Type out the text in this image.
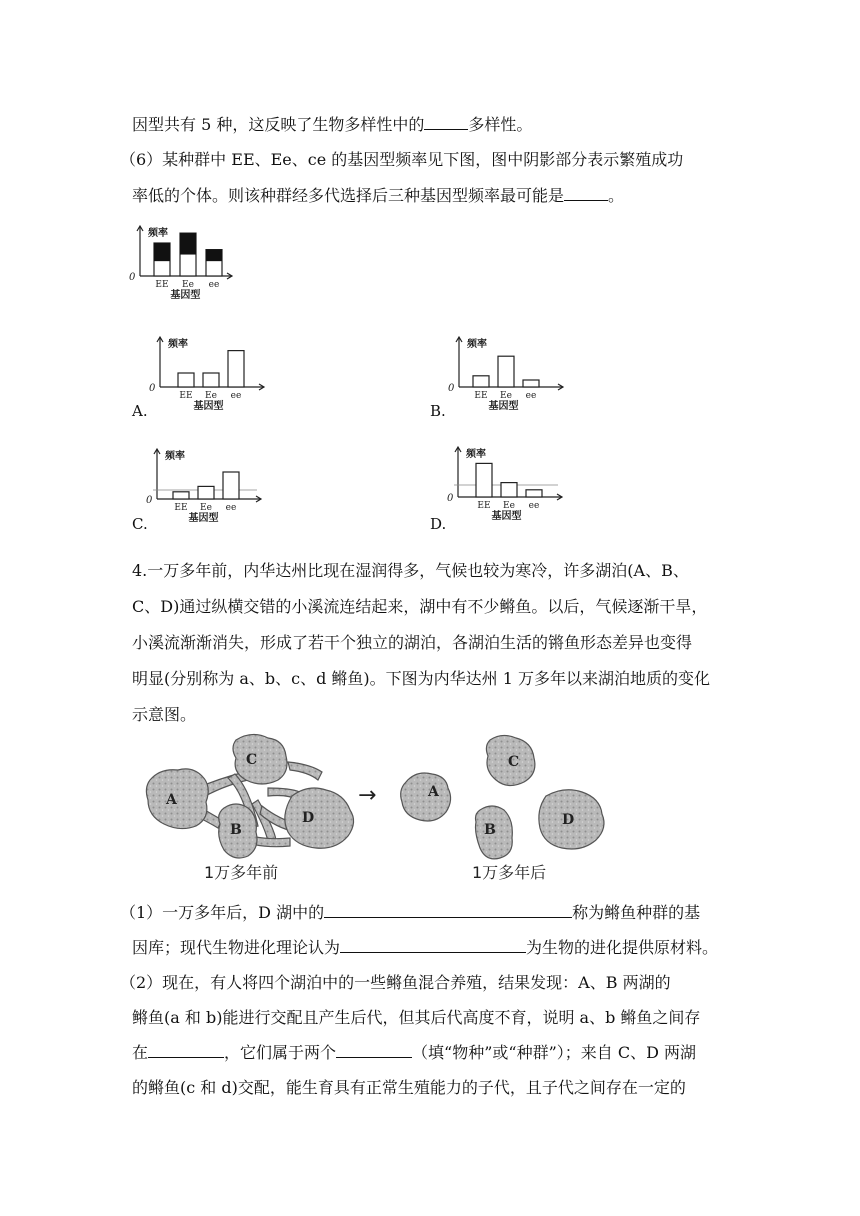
因型共有 5 种，这反映了生物多样性中的	多样性。
（6）某种群中 EE、Ee、ce 的基因型频率见下图，图中阴影部分表示繁殖成功
率低的个体。则该种群经多代选择后三种基因型频率最可能是	。
频率
0
EE Ee ee
基因型
频率
0
EE Ee ee
基因型
A.
频率
0
EE Ee ee
基因型
B.
频率
0
EE Ee ee
基因型
C.
频率
0
EE Ee ee
基因型
D.
4.一万多年前，内华达州比现在湿润得多，气候也较为寒冷，许多湖泊(A、B、
C、D)通过纵横交错的小溪流连结起来，湖中有不少鳉鱼。以后，气候逐渐干旱，
小溪流渐渐消失，形成了若干个独立的湖泊，各湖泊生活的锵鱼形态差异也变得
明显(分别称为 a、b、c、d 鳉鱼)。下图为内华达州 1 万多年以来湖泊地质的变化
示意图。
A
C
B
D
A
C
B
D
→
1万多年前	1万多年后
（1）一万多年后，D 湖中的	称为鳉鱼种群的基
因库；现代生物进化理论认为	为生物的进化提供原材料。
（2）现在，有人将四个湖泊中的一些鳉鱼混合养殖，结果发现：A、B 两湖的
鳉鱼(a 和 b)能进行交配且产生后代，但其后代高度不育，说明 a、b 鳉鱼之间存
在	，它们属于两个	（填“物种”或“种群”）；来自 C、D 两湖
的鳉鱼(c 和 d)交配，能生育具有正常生殖能力的子代，且子代之间存在一定的
